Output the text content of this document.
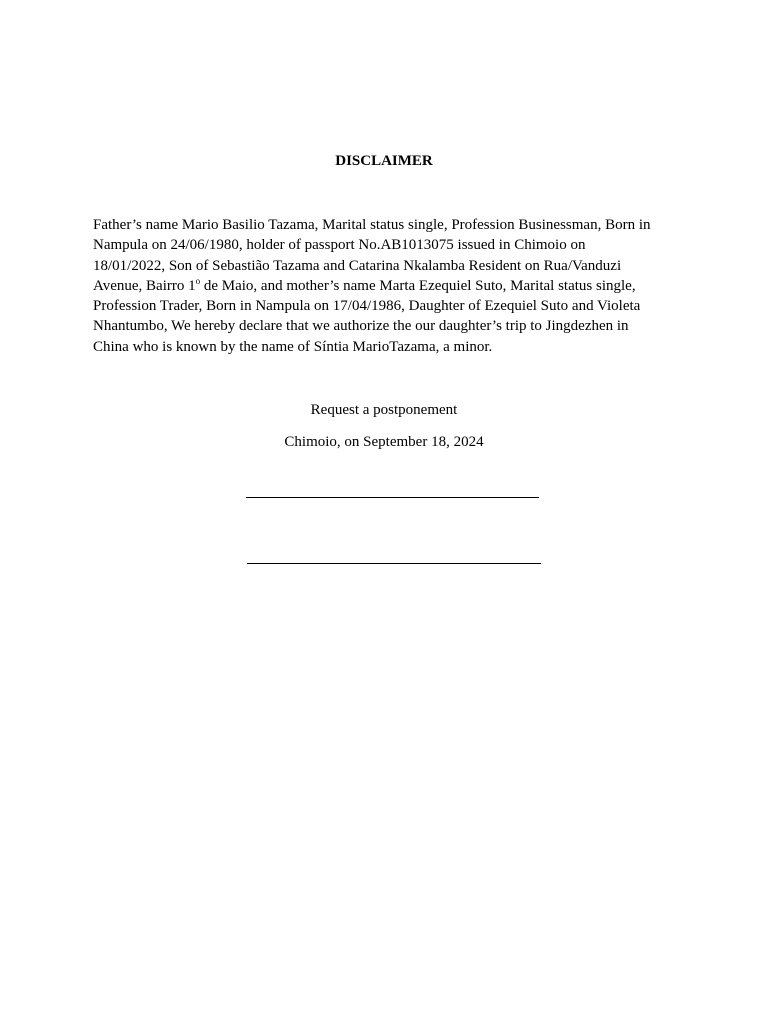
DISCLAIMER

Father’s name Mario Basilio Tazama, Marital status single, Profession Businessman, Born in
Nampula on 24/06/1980, holder of passport No.AB1013075 issued in Chimoio on
18/01/2022, Son of Sebastião Tazama and Catarina Nkalamba Resident on Rua/Vanduzi
Avenue, Bairro 1$^o$ de Maio, and mother’s name Marta Ezequiel Suto, Marital status single,
Profession Trader, Born in Nampula on 17/04/1986, Daughter of Ezequiel Suto and Violeta
Nhantumbo, We hereby declare that we authorize the our daughter’s trip to Jingdezhen in
China who is known by the name of Síntia MarioTazama, a minor.

Request a postponement
Chimoio, on September 18, 2024
